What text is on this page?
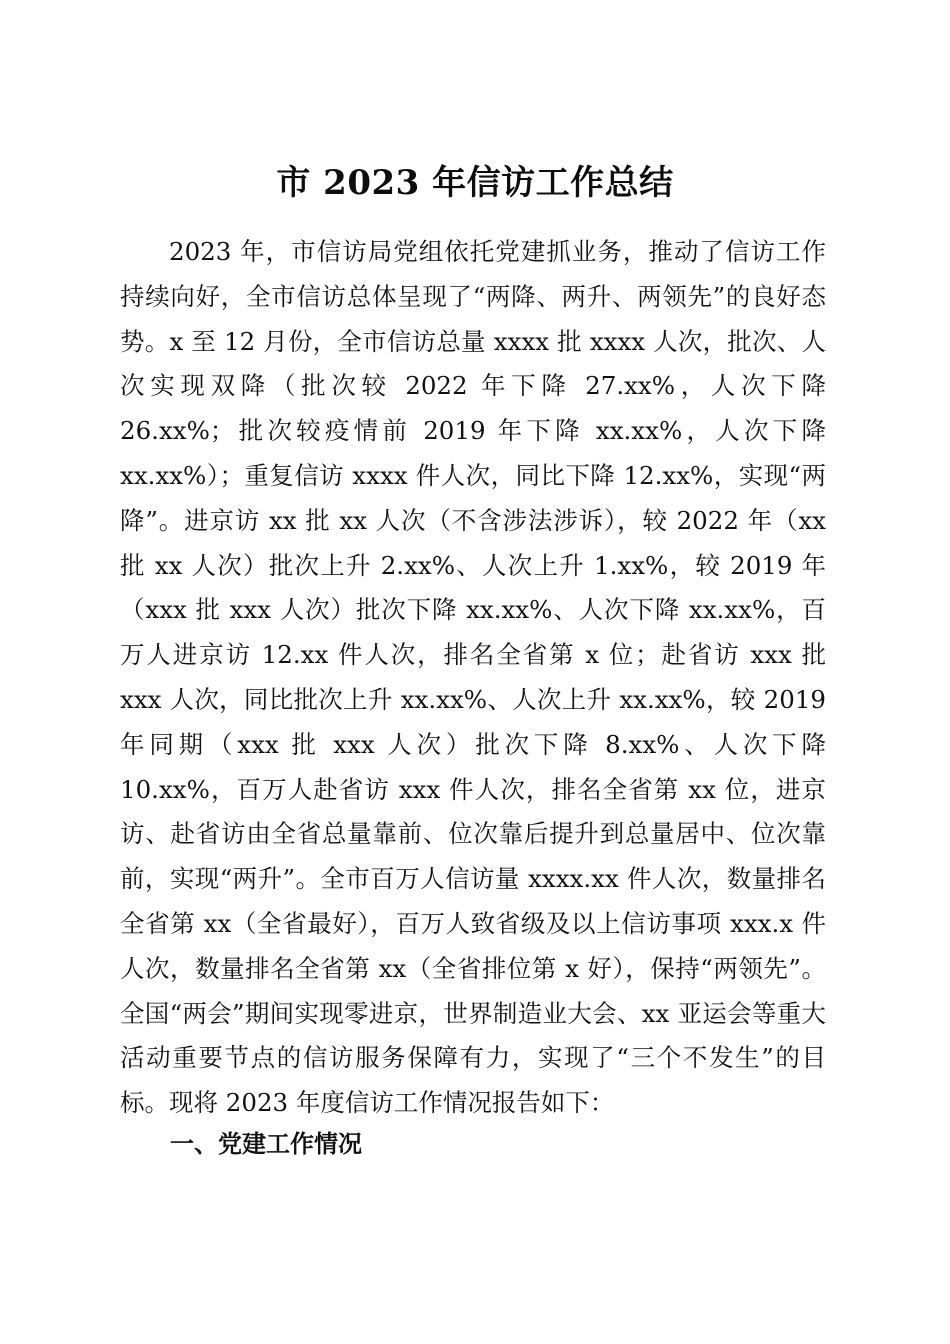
市 2023 年信访工作总结

2023 年，市信访局党组依托党建抓业务，推动了信访工作持续向好，全市信访总体呈现了“两降、两升、两领先”的良好态势。x 至 12 月份，全市信访总量 xxxx 批 xxxx 人次，批次、人次实现双降（批次较 2022 年下降 27.xx%，人次下降 26.xx%；批次较疫情前 2019 年下降 xx.xx%，人次下降 xx.xx%）；重复信访 xxxx 件人次，同比下降 12.xx%，实现“两降”。进京访 xx 批 xx 人次（不含涉法涉诉），较 2022 年（xx 批 xx 人次）批次上升 2.xx%、人次上升 1.xx%，较 2019 年（xxx 批 xxx 人次）批次下降 xx.xx%、人次下降 xx.xx%，百万人进京访 12.xx 件人次，排名全省第 x 位；赴省访 xxx 批 xxx 人次，同比批次上升 xx.xx%、人次上升 xx.xx%，较 2019 年同期（xxx 批 xxx 人次）批次下降 8.xx%、人次下降 10.xx%，百万人赴省访 xxx 件人次，排名全省第 xx 位，进京访、赴省访由全省总量靠前、位次靠后提升到总量居中、位次靠前，实现“两升”。全市百万人信访量 xxxx.xx 件人次，数量排名全省第 xx（全省最好），百万人致省级及以上信访事项 xxx.x 件人次，数量排名全省第 xx（全省排位第 x 好），保持“两领先”。全国“两会”期间实现零进京，世界制造业大会、xx 亚运会等重大活动重要节点的信访服务保障有力，实现了“三个不发生”的目标。现将 2023 年度信访工作情况报告如下：

一、党建工作情况
